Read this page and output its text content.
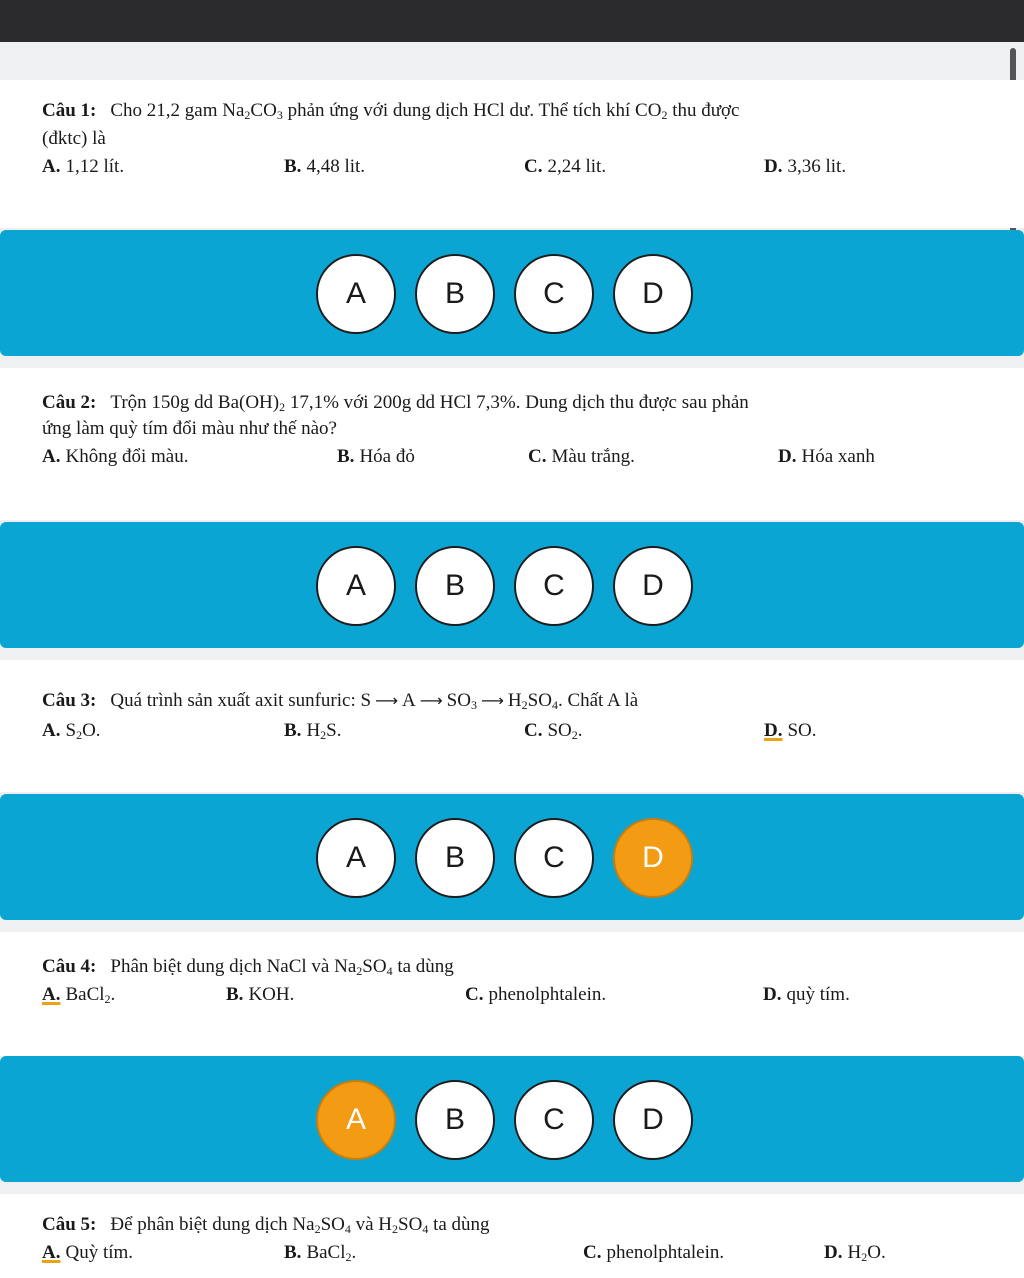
Câu 1: Cho 21,2 gam $Na_2CO_3$ phản ứng với dung dịch HCl dư. Thể tích khí $CO_2$ thu được
(đktc) là
A. 1,12 lít.	B. 4,48 lit.	C. 2,24 lit.	D. 3,36 lit.
A	B	C	D
Câu 2: Trộn 150g dd $Ba(OH)_2$ 17,1% với 200g dd HCl 7,3%. Dung dịch thu được sau phản
ứng làm quỳ tím đổi màu như thế nào?
A. Không đổi màu.	B. Hóa đỏ	C. Màu trắng.	D. Hóa xanh
A	B	C	D
Câu 3: Quá trình sản xuất axit sunfuric: S ⟶ A ⟶ $SO_3$ ⟶ $H_2SO_4$. Chất A là
A. $S_2O$.	B. $H_2S$.	C. $SO_2$.	D. SO.
A	B	C	D
Câu 4: Phân biệt dung dịch NaCl và $Na_2SO_4$ ta dùng
A. BaCl$_2$.	B. KOH.	C. phenolphtalein.	D. quỳ tím.
A	B	C	D
Câu 5: Để phân biệt dung dịch $Na_2SO_4$ và $H_2SO_4$ ta dùng
A. Quỳ tím.	B. BaCl$_2$.	C. phenolphtalein.	D. $H_2O$.
